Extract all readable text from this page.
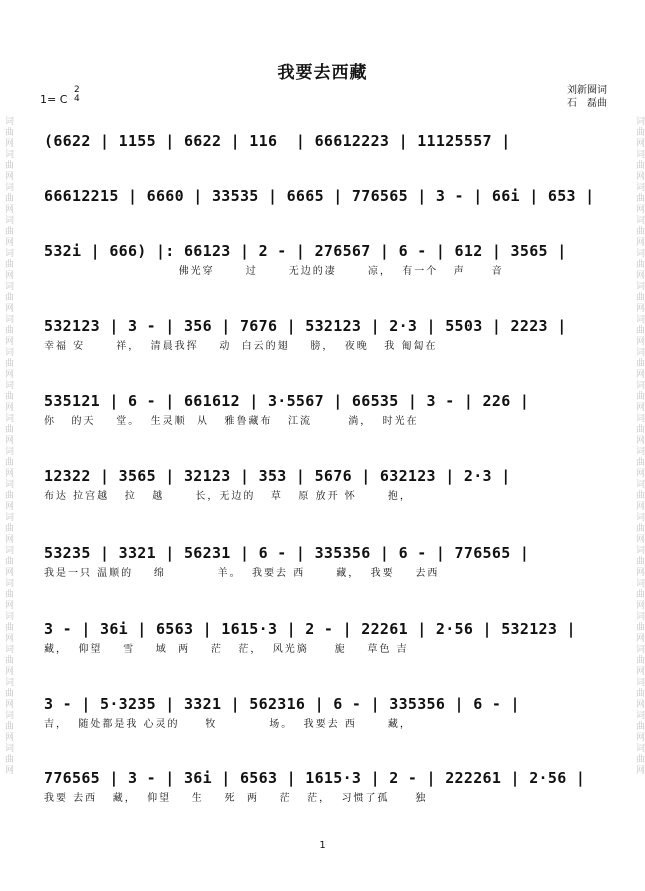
词曲网词曲网词曲网词曲网词曲网词曲网词曲网词曲网词曲网词曲网词曲网词曲网词曲网词曲网词曲网词曲网词曲网词曲网词曲网词曲网	词曲网词曲网词曲网词曲网词曲网词曲网词曲网词曲网词曲网词曲网词曲网词曲网词曲网词曲网词曲网词曲网词曲网词曲网词曲网词曲网
我要去西藏
1= C
2
4
刘新圈词
石　磊曲
(6622 | 1155 | 6622 | 116  | 66612223 | 11125557 |
66612215 | 6660 | 33535 | 6665 | 776565 | 3 - | 66i | 653 |
532i | 666) |: 66123 | 2 - | 276567 | 6 - | 612 | 3565 |
佛光穿      过      无边的凄      凉，  有一个   声     音
532123 | 3 - | 356 | 7676 | 532123 | 2·3 | 5503 | 2223 |
幸福 安      祥，  清晨我挥    动  白云的翅    膀，  夜晚   我 匍匐在
535121 | 6 - | 661612 | 3·5567 | 66535 | 3 - | 226 |
你   的天    堂。  生灵顺  从   雅鲁藏布   江流       淌，  时光在
12322 | 3565 | 32123 | 353 | 5676 | 632123 | 2·3 |
布达 拉宫越   拉   越      长，无边的   草   原 放开 怀      抱，
53235 | 3321 | 56231 | 6 - | 335356 | 6 - | 776565 |
我是一只 温顺的    绵          羊。  我要去 西      藏，  我要    去西
3 - | 36i | 6563 | 1615·3 | 2 - | 22261 | 2·56 | 532123 |
藏，  仰望    雪    域  两    茫   茫，  风光旖     旎    草色 吉
3 - | 5·3235 | 3321 | 562316 | 6 - | 335356 | 6 - |
吉，  随处都是我 心灵的     牧          场。  我要去 西      藏，
776565 | 3 - | 36i | 6563 | 1615·3 | 2 - | 222261 | 2·56 |
我要 去西   藏，  仰望    生    死  两    茫   茫，  习惯了孤     独
1
